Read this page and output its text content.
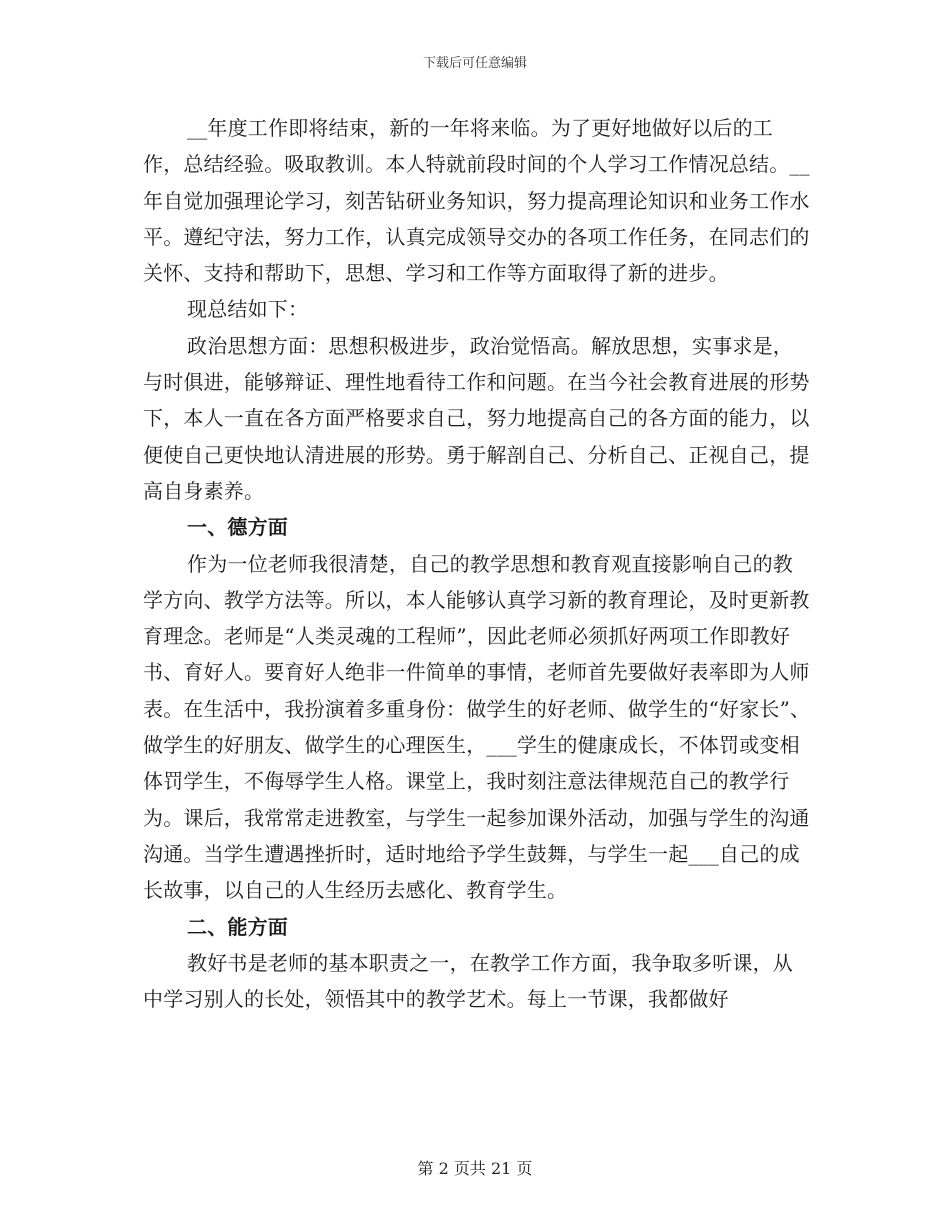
下载后可任意编辑

__年度工作即将结束，新的一年将来临。为了更好地做好以后的工作，总结经验。吸取教训。本人特就前段时间的个人学习工作情况总结。__年自觉加强理论学习，刻苦钻研业务知识，努力提高理论知识和业务工作水平。遵纪守法，努力工作，认真完成领导交办的各项工作任务，在同志们的关怀、支持和帮助下，思想、学习和工作等方面取得了新的进步。

现总结如下：

政治思想方面：思想积极进步，政治觉悟高。解放思想，实事求是，与时俱进，能够辩证、理性地看待工作和问题。在当今社会教育进展的形势下，本人一直在各方面严格要求自己，努力地提高自己的各方面的能力，以便使自己更快地认清进展的形势。勇于解剖自己、分析自己、正视自己，提高自身素养。

一、德方面

作为一位老师我很清楚，自己的教学思想和教育观直接影响自己的教学方向、教学方法等。所以，本人能够认真学习新的教育理论，及时更新教育理念。老师是“人类灵魂的工程师”，因此老师必须抓好两项工作即教好书、育好人。要育好人绝非一件简单的事情，老师首先要做好表率即为人师表。在生活中，我扮演着多重身份：做学生的好老师、做学生的“好家长”、做学生的好朋友、做学生的心理医生，___学生的健康成长，不体罚或变相体罚学生，不侮辱学生人格。课堂上，我时刻注意法律规范自己的教学行为。课后，我常常走进教室，与学生一起参加课外活动，加强与学生的沟通沟通。当学生遭遇挫折时，适时地给予学生鼓舞，与学生一起___自己的成长故事，以自己的人生经历去感化、教育学生。

二、能方面

教好书是老师的基本职责之一，在教学工作方面，我争取多听课，从中学习别人的长处，领悟其中的教学艺术。每上一节课，我都做好

第 2 页共 21 页
